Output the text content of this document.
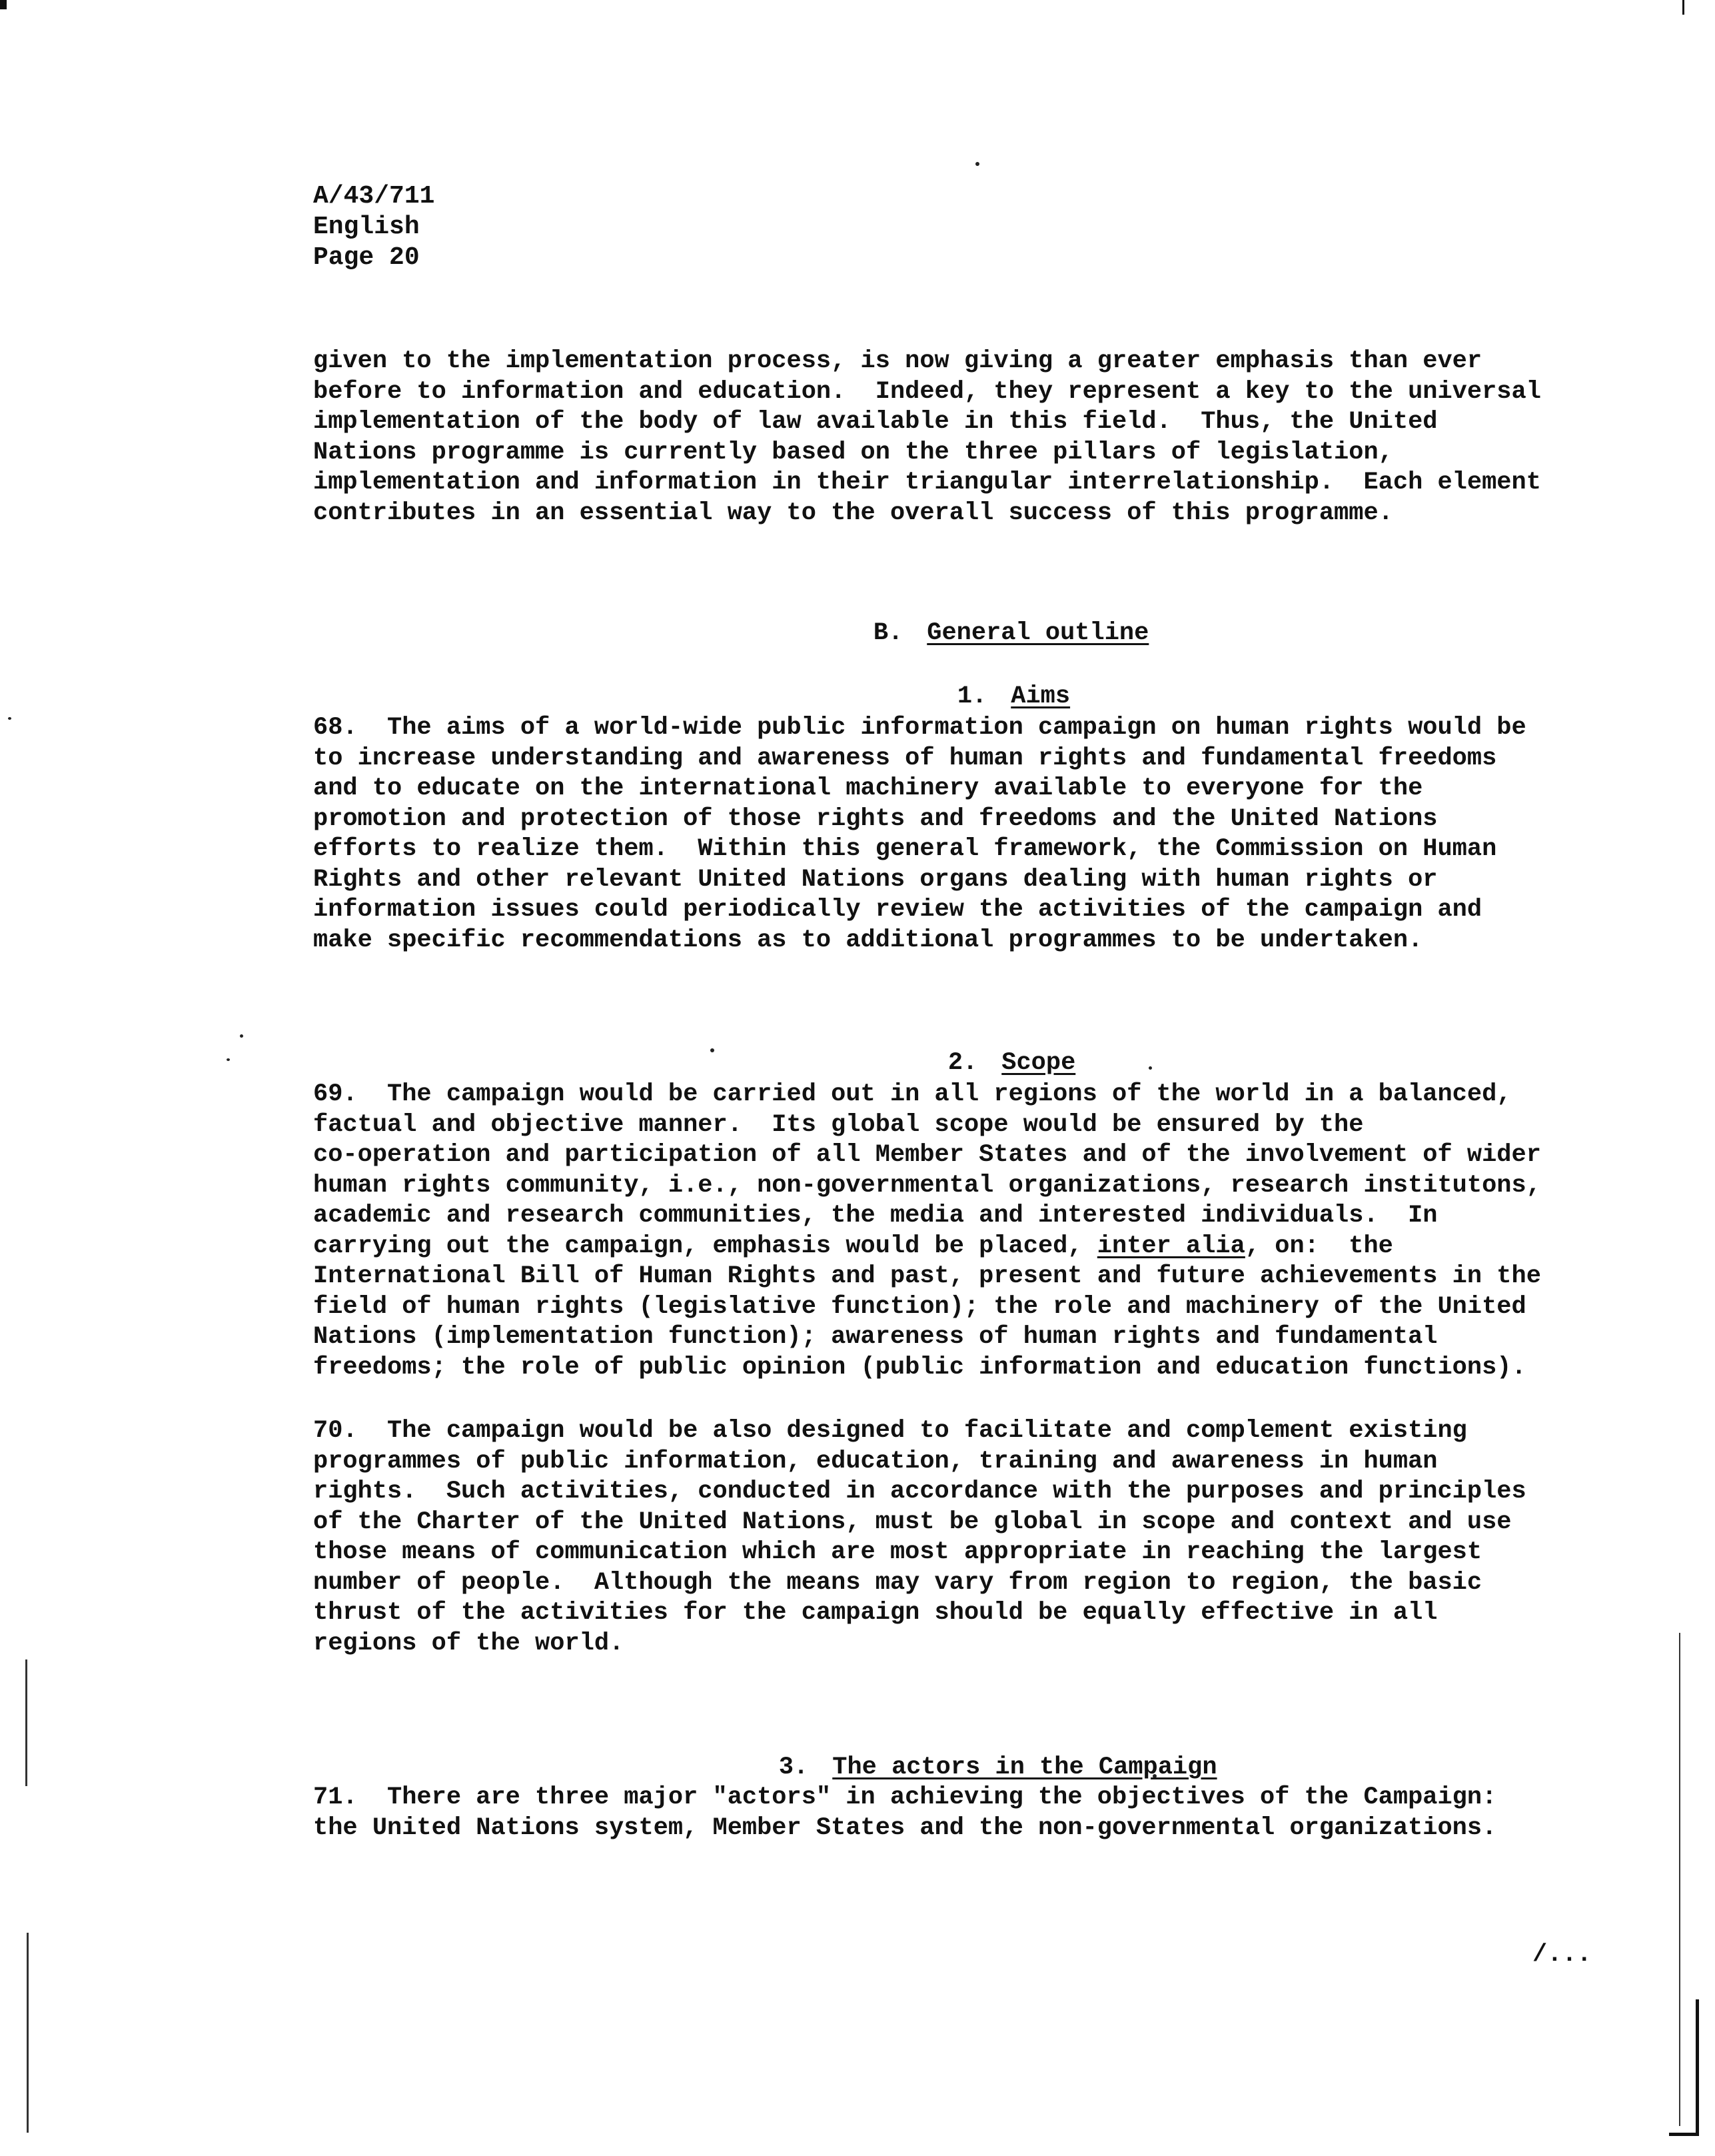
A/43/711
English
Page 20
given to the implementation process, is now giving a greater emphasis than ever
before to information and education.  Indeed, they represent a key to the universal
implementation of the body of law available in this field.  Thus, the United
Nations programme is currently based on the three pillars of legislation,
implementation and information in their triangular interrelationship.  Each element
contributes in an essential way to the overall success of this programme.

B. General outline

1. Aims

68.  The aims of a world-wide public information campaign on human rights would be
to increase understanding and awareness of human rights and fundamental freedoms
and to educate on the international machinery available to everyone for the
promotion and protection of those rights and freedoms and the United Nations
efforts to realize them.  Within this general framework, the Commission on Human
Rights and other relevant United Nations organs dealing with human rights or
information issues could periodically review the activities of the campaign and
make specific recommendations as to additional programmes to be undertaken.

2. Scope

69.  The campaign would be carried out in all regions of the world in a balanced,
factual and objective manner.  Its global scope would be ensured by the
co-operation and participation of all Member States and of the involvement of wider
human rights community, i.e., non-governmental organizations, research institutons,
academic and research communities, the media and interested individuals.  In
carrying out the campaign, emphasis would be placed, inter alia, on:  the
International Bill of Human Rights and past, present and future achievements in the
field of human rights (legislative function); the role and machinery of the United
Nations (implementation function); awareness of human rights and fundamental
freedoms; the role of public opinion (public information and education functions).
70.  The campaign would be also designed to facilitate and complement existing
programmes of public information, education, training and awareness in human
rights.  Such activities, conducted in accordance with the purposes and principles
of the Charter of the United Nations, must be global in scope and context and use
those means of communication which are most appropriate in reaching the largest
number of people.  Although the means may vary from region to region, the basic
thrust of the activities for the campaign should be equally effective in all
regions of the world.

3. The actors in the Campaign

71.  There are three major "actors" in achieving the objectives of the Campaign:
the United Nations system, Member States and the non-governmental organizations.
/...
